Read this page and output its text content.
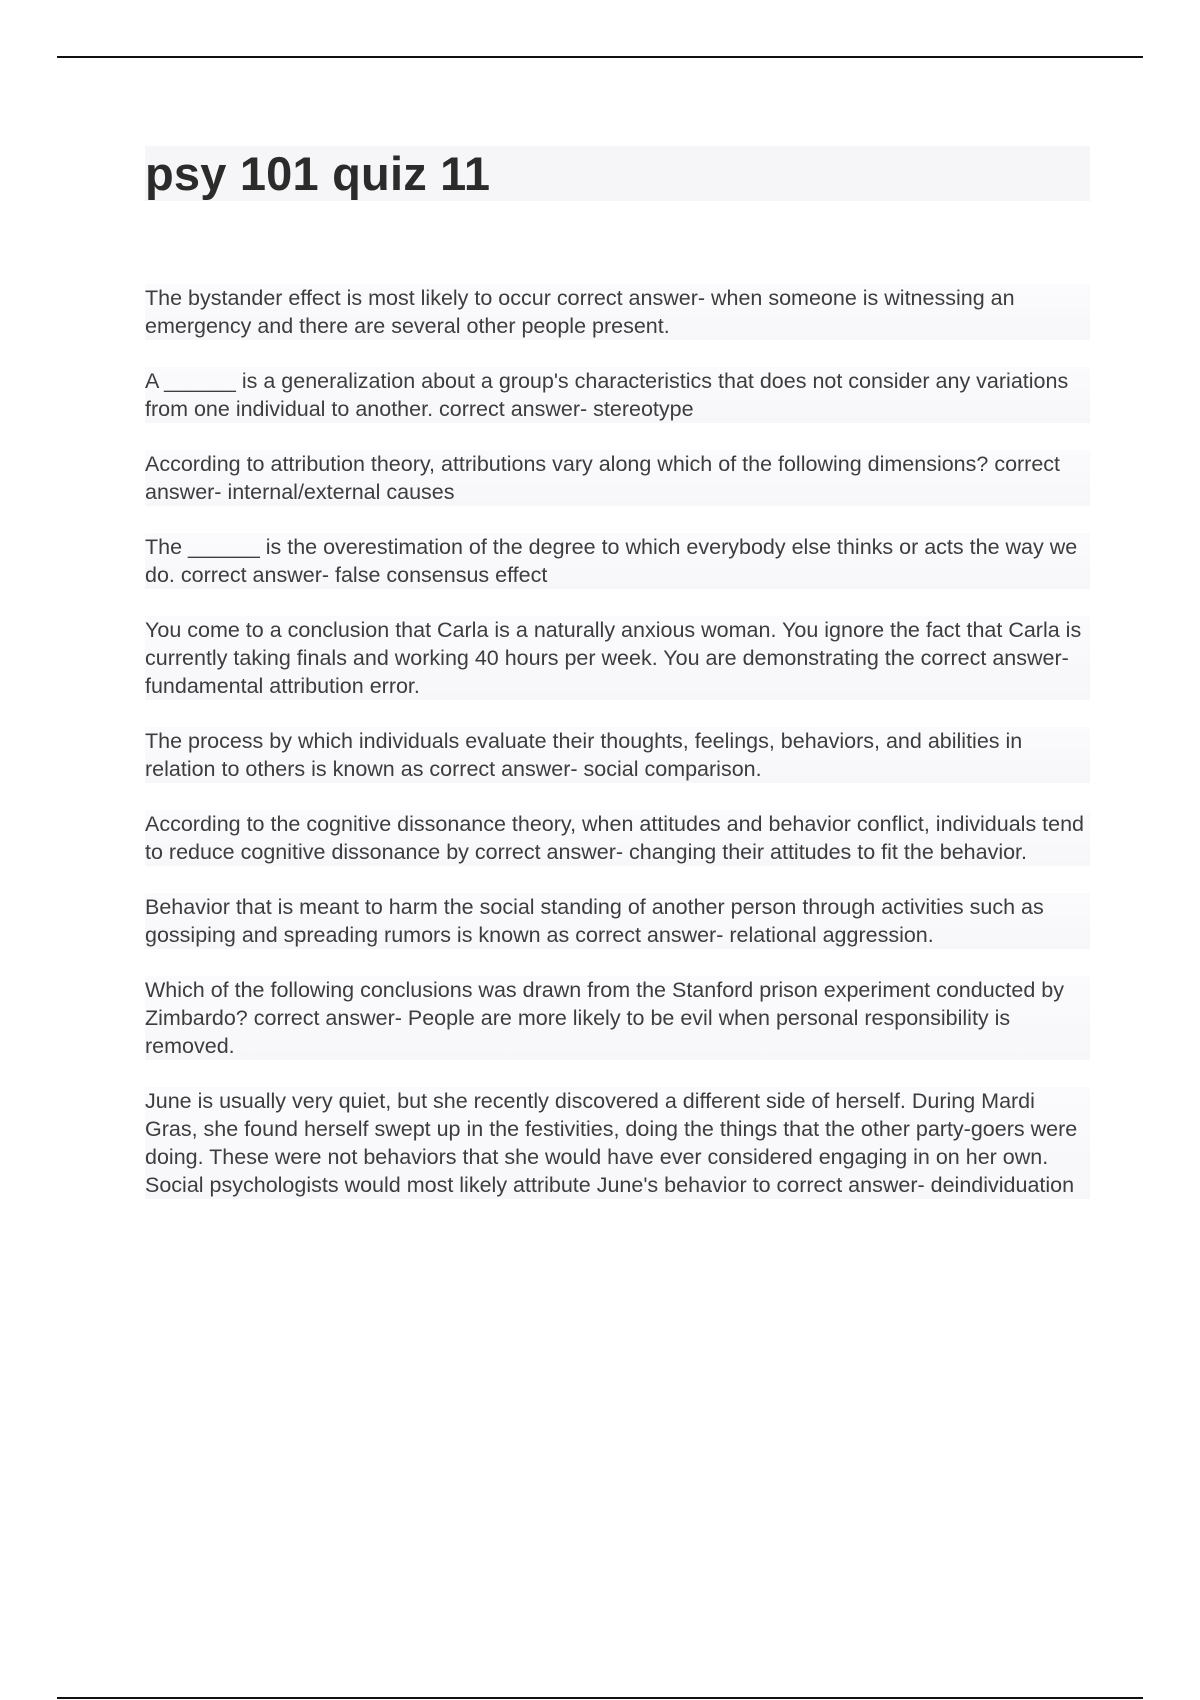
psy 101 quiz 11
The bystander effect is most likely to occur correct answer- when someone is witnessing an emergency and there are several other people present.
A ______ is a generalization about a group's characteristics that does not consider any variations from one individual to another. correct answer- stereotype
According to attribution theory, attributions vary along which of the following dimensions? correct answer- internal/external causes
The ______ is the overestimation of the degree to which everybody else thinks or acts the way we do. correct answer- false consensus effect
You come to a conclusion that Carla is a naturally anxious woman. You ignore the fact that Carla is currently taking finals and working 40 hours per week. You are demonstrating the correct answer- fundamental attribution error.
The process by which individuals evaluate their thoughts, feelings, behaviors, and abilities in relation to others is known as correct answer- social comparison.
According to the cognitive dissonance theory, when attitudes and behavior conflict, individuals tend to reduce cognitive dissonance by correct answer- changing their attitudes to fit the behavior.
Behavior that is meant to harm the social standing of another person through activities such as gossiping and spreading rumors is known as correct answer- relational aggression.
Which of the following conclusions was drawn from the Stanford prison experiment conducted by Zimbardo? correct answer- People are more likely to be evil when personal responsibility is removed.
June is usually very quiet, but she recently discovered a different side of herself. During Mardi Gras, she found herself swept up in the festivities, doing the things that the other party-goers were doing. These were not behaviors that she would have ever considered engaging in on her own. Social psychologists would most likely attribute June's behavior to correct answer- deindividuation
